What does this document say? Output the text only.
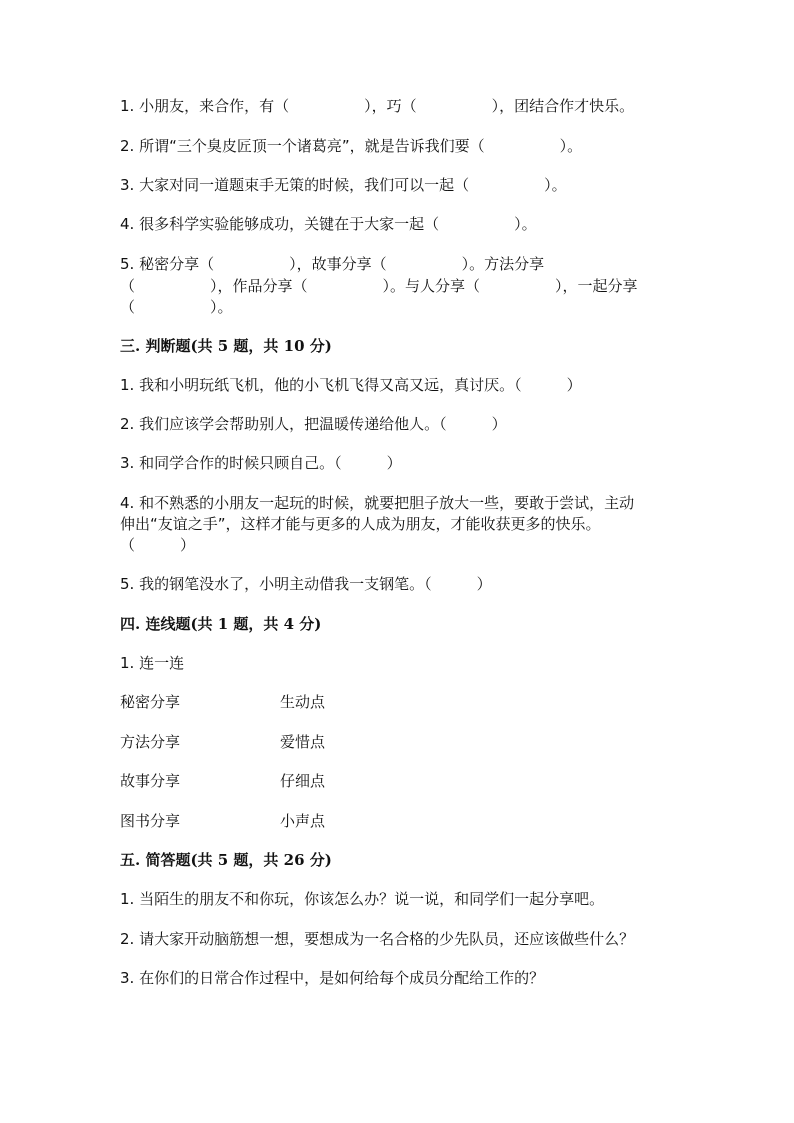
1. 小朋友，来合作，有（　　　　　），巧（　　　　　），团结合作才快乐。
2. 所谓“三个臭皮匠顶一个诸葛亮”，就是告诉我们要（　　　　　）。
3. 大家对同一道题束手无策的时候，我们可以一起（　　　　　）。
4. 很多科学实验能够成功，关键在于大家一起（　　　　　）。
5. 秘密分享（　　　　　），故事分享（　　　　　）。方法分享
（　　　　　），作品分享（　　　　　）。与人分享（　　　　　），一起分享
（　　　　　）。
三. 判断题(共 5 题，共 10 分)
1. 我和小明玩纸飞机，他的小飞机飞得又高又远，真讨厌。（　　　）
2. 我们应该学会帮助别人，把温暖传递给他人。（　　　）
3. 和同学合作的时候只顾自己。（　　　）
4. 和不熟悉的小朋友一起玩的时候，就要把胆子放大一些，要敢于尝试，主动
伸出“友谊之手”，这样才能与更多的人成为朋友，才能收获更多的快乐。
（　　　）
5. 我的钢笔没水了，小明主动借我一支钢笔。（　　　）
四. 连线题(共 1 题，共 4 分)
1. 连一连
秘密分享	生动点
方法分享	爱惜点
故事分享	仔细点
图书分享	小声点
五. 简答题(共 5 题，共 26 分)
1. 当陌生的朋友不和你玩，你该怎么办？说一说，和同学们一起分享吧。
2. 请大家开动脑筋想一想，要想成为一名合格的少先队员，还应该做些什么？
3. 在你们的日常合作过程中，是如何给每个成员分配给工作的？
